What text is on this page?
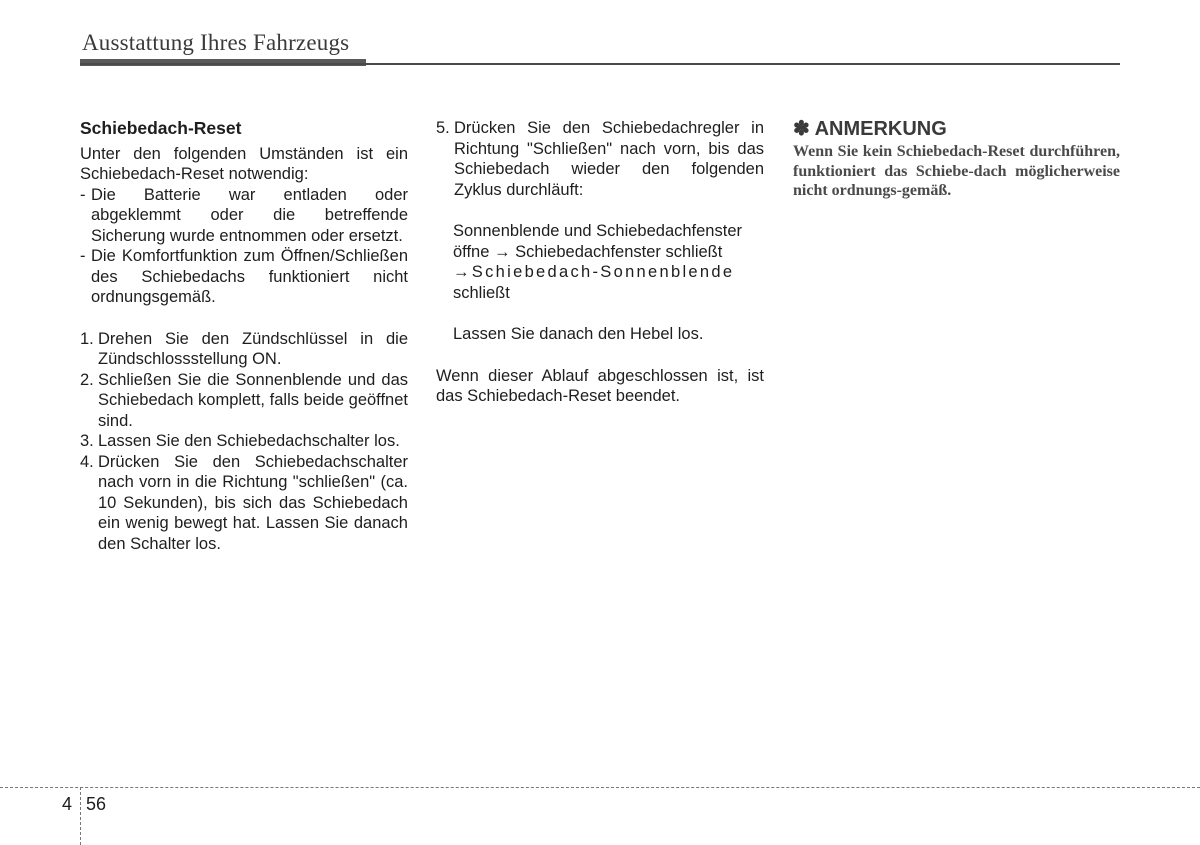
Ausstattung Ihres Fahrzeugs
Schiebedach-Reset

Unter den folgenden Umständen ist ein Schiebedach-Reset notwendig:

- Die Batterie war entladen oder abgeklemmt oder die betreffende Sicherung wurde entnommen oder ersetzt.
- Die Komfortfunktion zum Öffnen/Schließen des Schiebedachs funktioniert nicht ordnungsgemäß.
1. Drehen Sie den Zündschlüssel in die Zündschlossstellung ON.
2. Schließen Sie die Sonnenblende und das Schiebedach komplett, falls beide geöffnet sind.
3. Lassen Sie den Schiebedachschalter los.
4. Drücken Sie den Schiebedachschalter nach vorn in die Richtung "schließen" (ca. 10 Sekunden), bis sich das Schiebedach ein wenig bewegt hat. Lassen Sie danach den Schalter los.
5. Drücken Sie den Schiebedachregler in Richtung "Schließen" nach vorn, bis das Schiebedach wieder den folgenden Zyklus durchläuft:
Sonnenblende und Schiebedachfenster
öffne → Schiebedachfenster schließt
→Schiebedach-Sonnenblende
schließt
Lassen Sie danach den Hebel los.

Wenn dieser Ablauf abgeschlossen ist, ist das Schiebedach-Reset beendet.

✽ ANMERKUNG
Wenn Sie kein Schiebedach-Reset durchführen, funktioniert das Schiebe-dach möglicherweise nicht ordnungs-gemäß.
4 56
